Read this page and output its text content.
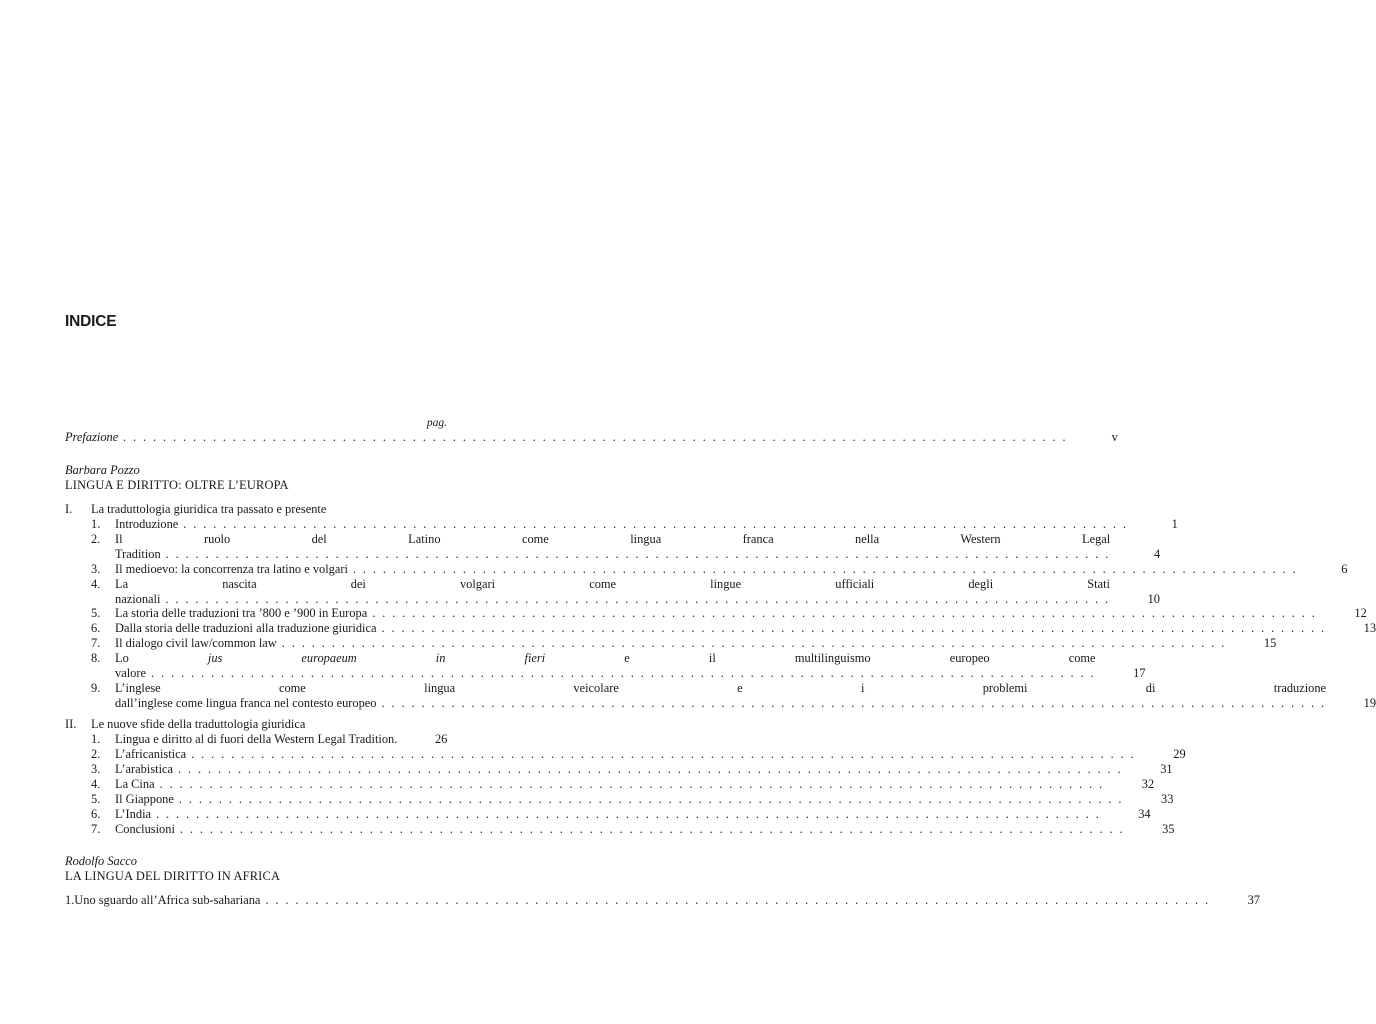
INDICE
pag.
Prefazione . . .	v
Barbara Pozzo
LINGUA E DIRITTO: OLTRE L’EUROPA
I. La traduttologia giuridica tra passato e presente
1.	Introduzione . . .	1
2.	Il ruolo del Latino come lingua franca nella Western Legal
Tradition . . .	4
3.	Il medioevo: la concorrenza tra latino e volgari . . .	6
4.	La nascita dei volgari come lingue ufficiali degli Stati
nazionali . . .	10
5.	La storia delle traduzioni tra ’800 e ’900 in Europa . . .	12
6.	Dalla storia delle traduzioni alla traduzione giuridica . . .	13
7.	Il dialogo civil law/common law . . .	15
8.	Lo jus europaeum in fieri e il multilinguismo europeo come
valore . . .	17
9.	L’inglese come lingua veicolare e i problemi di traduzione
dall’inglese come lingua franca nel contesto europeo . . .	19
II. Le nuove sfide della traduttologia giuridica
1.	Lingua e diritto al di fuori della Western Legal Tradition.	26
2.	L’africanistica . . .	29
3.	L’arabistica . . .	31
4.	La Cina . . .	32
5.	Il Giappone . . .	33
6.	L’India . . .	34
7.	Conclusioni . . .	35
Rodolfo Sacco
LA LINGUA DEL DIRITTO IN AFRICA
1. Uno sguardo all’Africa sub-sahariana . . .	37
